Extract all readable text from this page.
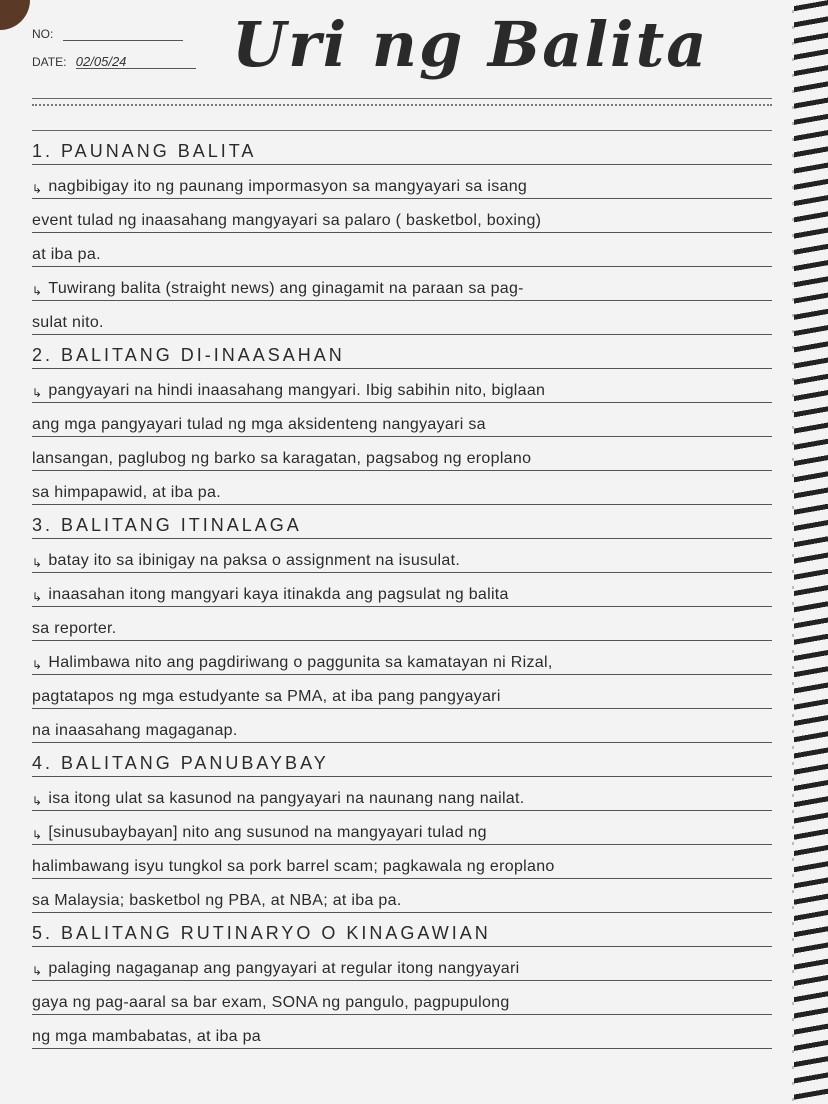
NO:
DATE: 02/05/24	Uri ng Balita
1. PAUNANG BALITA
↳ nagbibigay ito ng paunang impormasyon sa mangyayari sa isang
event tulad ng inaasahang mangyayari sa palaro ( basketbol, boxing)
at iba pa.
↳ Tuwirang balita (straight news) ang ginagamit na paraan sa pag-
sulat nito.
2. BALITANG DI-INAASAHAN
↳ pangyayari na hindi inaasahang mangyari. Ibig sabihin nito, biglaan
ang mga pangyayari tulad ng mga aksidenteng nangyayari sa
lansangan, paglubog ng barko sa karagatan, pagsabog ng eroplano
sa himpapawid, at iba pa.
3. BALITANG ITINALAGA
↳ batay ito sa ibinigay na paksa o assignment na isusulat.
↳ inaasahan itong mangyari kaya itinakda ang pagsulat ng balita
sa reporter.
↳ Halimbawa nito ang pagdiriwang o paggunita sa kamatayan ni Rizal,
pagtatapos ng mga estudyante sa PMA, at iba pang pangyayari
na inaasahang magaganap.
4. BALITANG PANUBAYBAY
↳ isa itong ulat sa kasunod na pangyayari na naunang nang nailat.
↳ [sinusubaybayan] nito ang susunod na mangyayari tulad ng
halimbawang isyu tungkol sa pork barrel scam; pagkawala ng eroplano
sa Malaysia; basketbol ng PBA, at NBA; at iba pa.
5. BALITANG RUTINARYO O KINAGAWIAN
↳ palaging nagaganap ang pangyayari at regular itong nangyayari
gaya ng pag-aaral sa bar exam, SONA ng pangulo, pagpupulong
ng mga mambabatas, at iba pa
